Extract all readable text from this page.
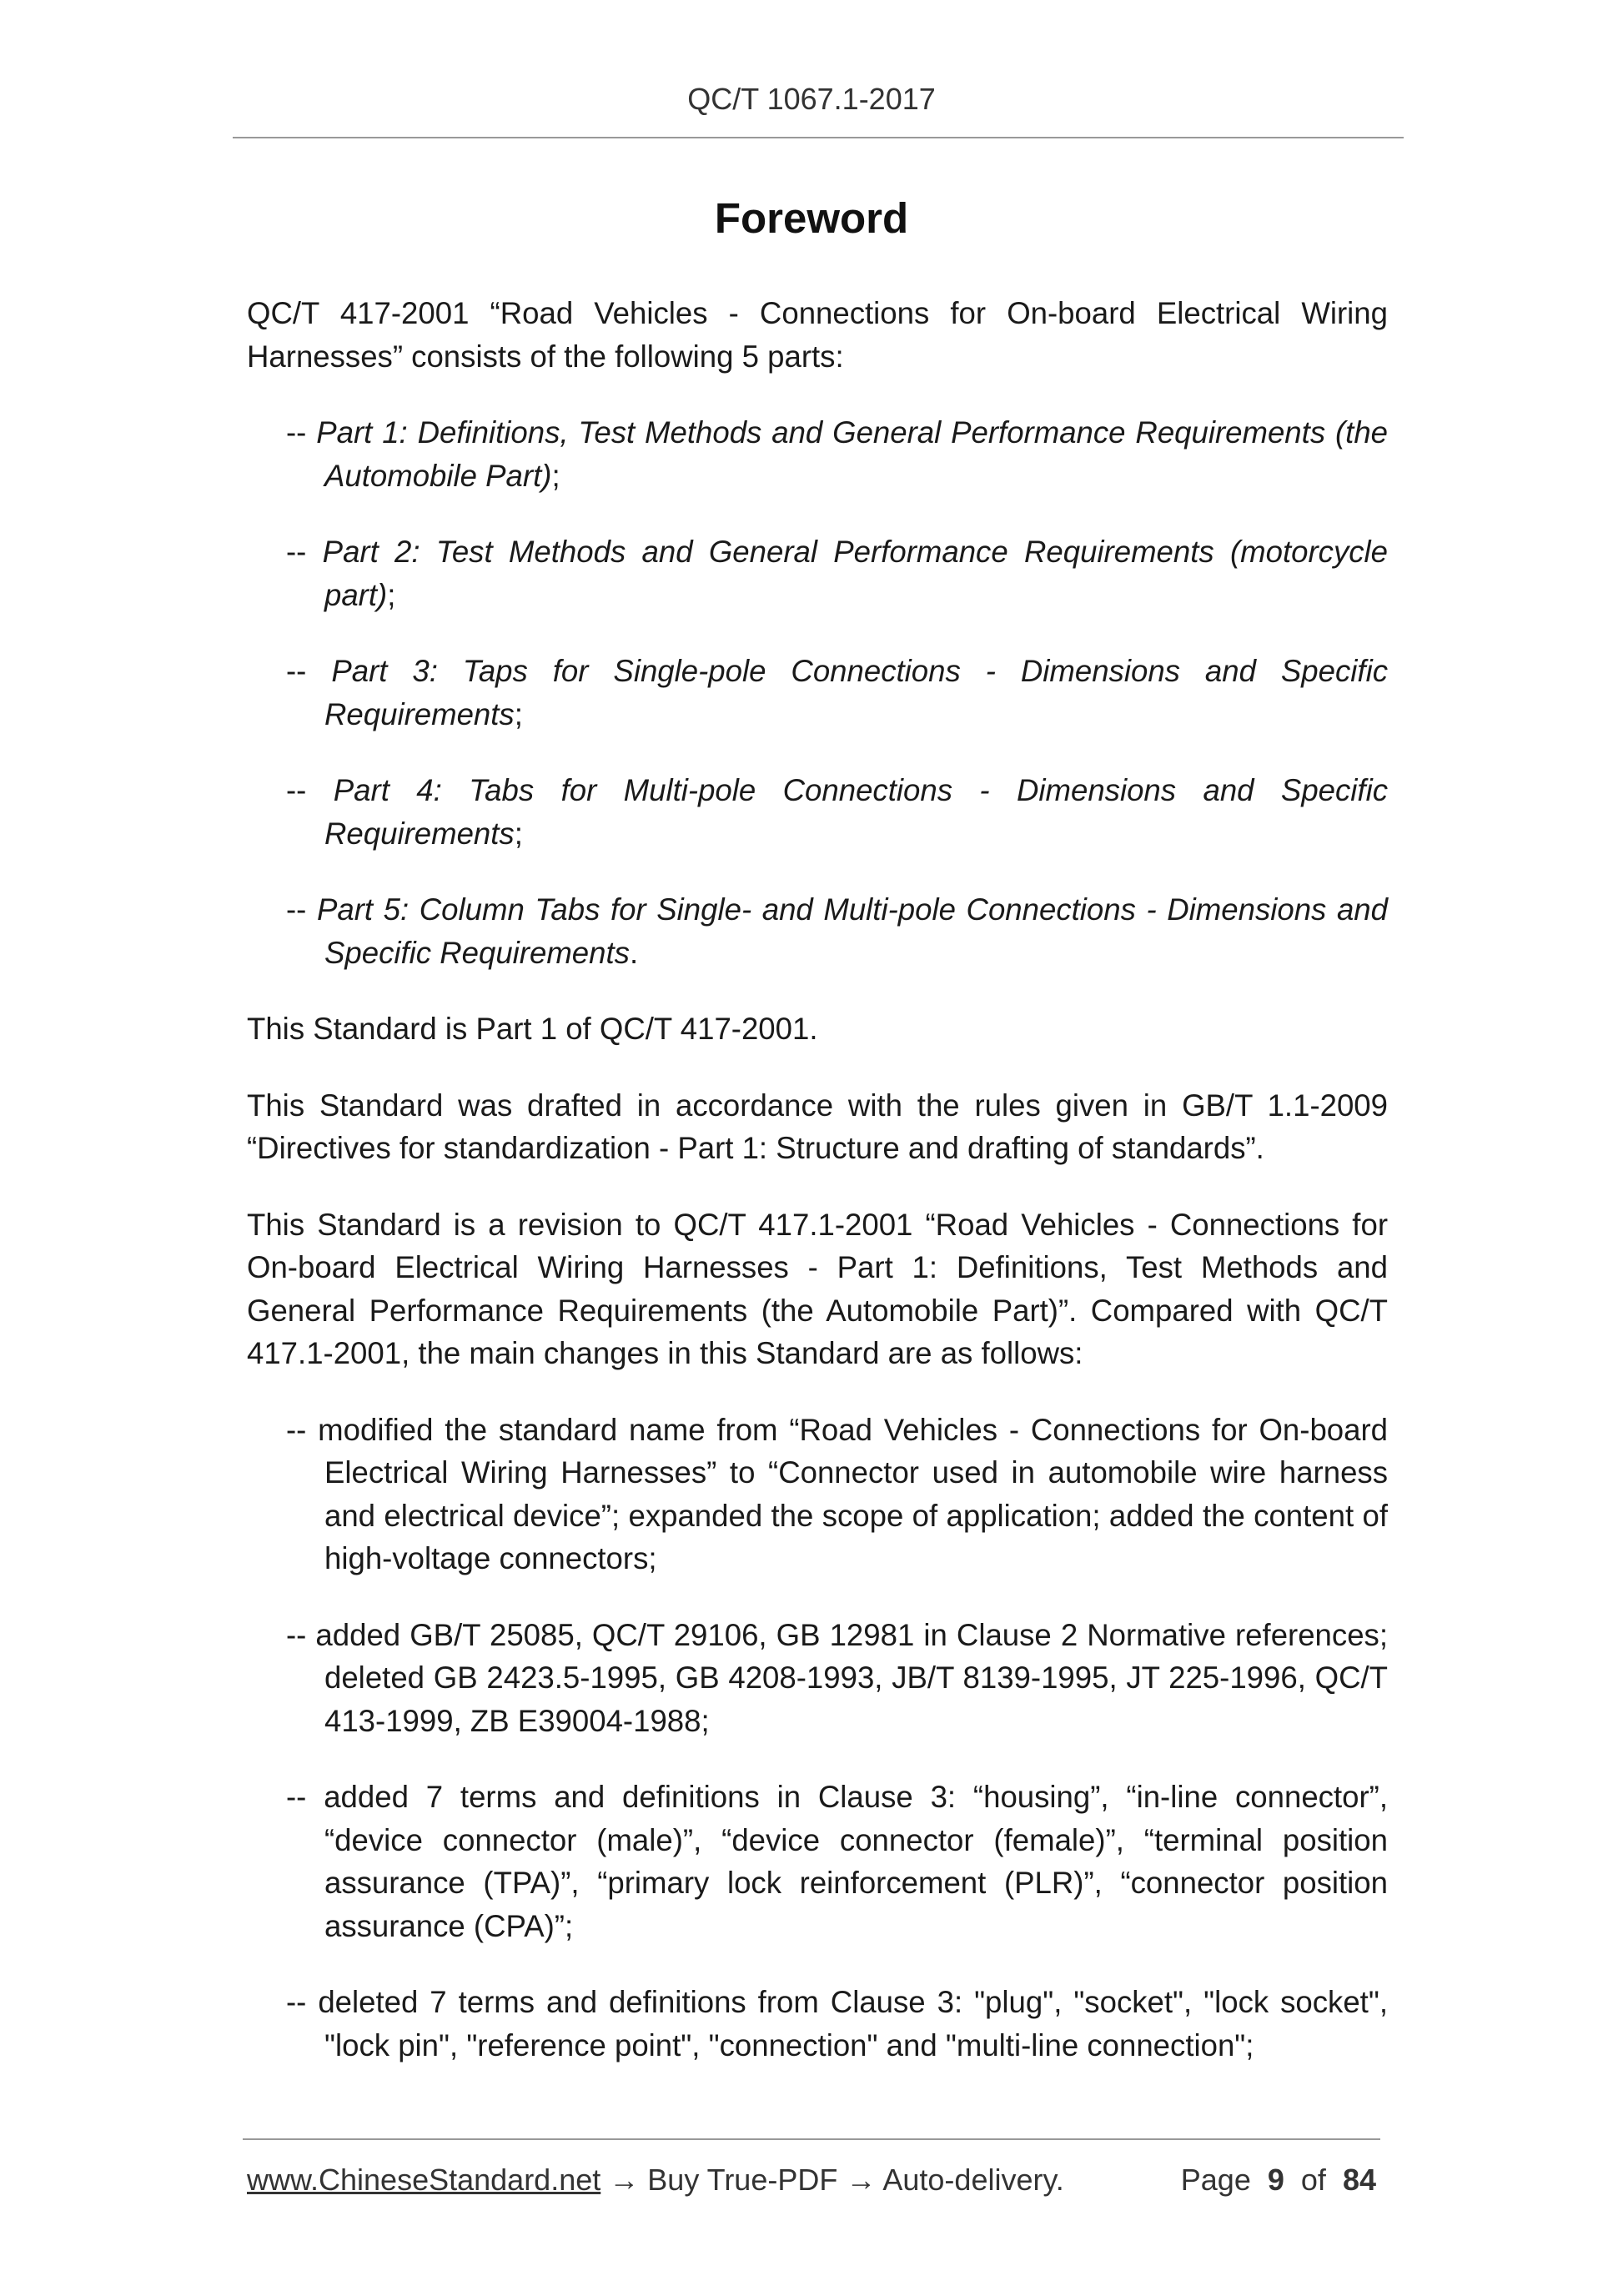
QC/T 1067.1-2017
Foreword

QC/T 417-2001 “Road Vehicles - Connections for On-board Electrical Wiring Harnesses” consists of the following 5 parts:

-- Part 1: Definitions, Test Methods and General Performance Requirements (the Automobile Part);

-- Part 2: Test Methods and General Performance Requirements (motorcycle part);

-- Part 3: Taps for Single-pole Connections - Dimensions and Specific Requirements;

-- Part 4: Tabs for Multi-pole Connections - Dimensions and Specific Requirements;

-- Part 5: Column Tabs for Single- and Multi-pole Connections - Dimensions and Specific Requirements.

This Standard is Part 1 of QC/T 417-2001.

This Standard was drafted in accordance with the rules given in GB/T 1.1-2009 “Directives for standardization - Part 1: Structure and drafting of standards”.

This Standard is a revision to QC/T 417.1-2001 “Road Vehicles - Connections for On-board Electrical Wiring Harnesses - Part 1: Definitions, Test Methods and General Performance Requirements (the Automobile Part)”. Compared with QC/T 417.1-2001, the main changes in this Standard are as follows:

-- modified the standard name from “Road Vehicles - Connections for On-board Electrical Wiring Harnesses” to “Connector used in automobile wire harness and electrical device”; expanded the scope of application; added the content of high-voltage connectors;

-- added GB/T 25085, QC/T 29106, GB 12981 in Clause 2 Normative references; deleted GB 2423.5-1995, GB 4208-1993, JB/T 8139-1995, JT 225-1996, QC/T 413-1999, ZB E39004-1988;

-- added 7 terms and definitions in Clause 3: “housing”, “in-line connector”, “device connector (male)”, “device connector (female)”, “terminal position assurance (TPA)”, “primary lock reinforcement (PLR)”, “connector position assurance (CPA)”;

-- deleted 7 terms and definitions from Clause 3: "plug", "socket", "lock socket", "lock pin", "reference point", "connection" and "multi-line connection";

www.ChineseStandard.net → Buy True-PDF → Auto-delivery.	Page 9 of 84
